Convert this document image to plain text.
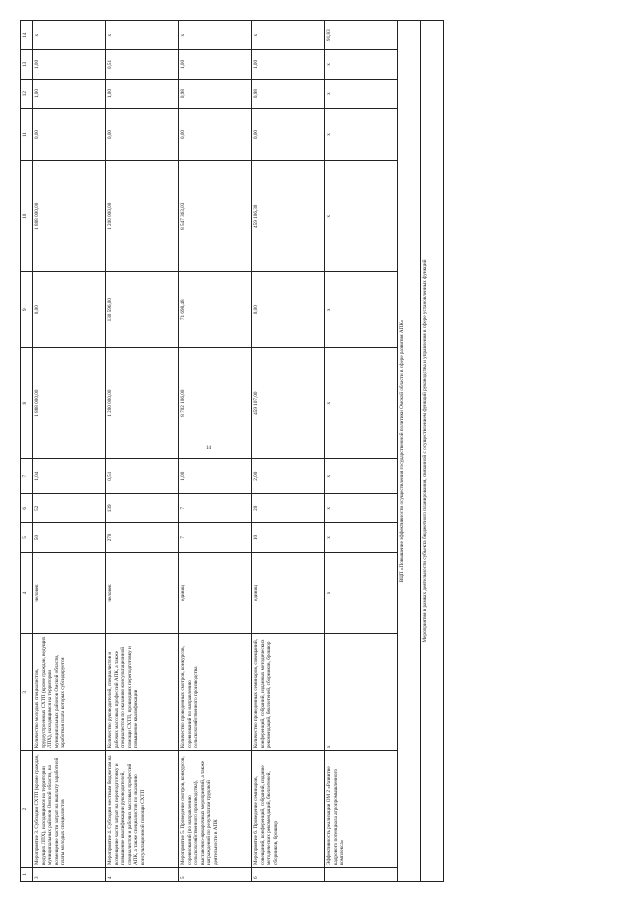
14
1	2	3	4	5	6	7	8	9	10	11	12	13	14
3	Мероприятие 3. Субсидии СХТП (кроме граждан, ведущих ЛПХ), находящимся на территории муниципальных районов Омской области, на возмещение части затрат на выплату заработной платы молодых специалистов	Количество молодых специалистов, трудоустроенных СХТП (кроме граждан, ведущих ЛПХ), находящимся на территории муниципальных районов Омской области, заработная плата которых субсидируется	человек	50	52	1,04	1 888 000,00	0,00	1 888 000,00	0,00	1,00	1,00	x
4	Мероприятие 4. Субсидии местным бюджетам на возмещение части затрат на переподготовку и повышение квалификации руководителей, специалистов и рабочих массовых профессий АПК, а также специалистов по оказанию консультационной помощи СХТП	Количество руководителей, специалистов и рабочих массовых профессий АПК, а также специалистов по оказанию консультационной помощи СХТП, прошедших переподготовку и повышение квалификации	человек	270	139	0,51	1 200 000,00	130 596,00	1 200 000,00	0,00	1,00	0,51	x
5	Мероприятие 5. Проведение смотров, конкурсов, соревнований (по направлению сельскохозяйственного производства), выставочно-ярмарочных мероприятий, а также награждений по результатам трудовой деятельности в АПК	Количество проведенных смотров, конкурсов, соревнований по направлению сельскохозяйственного производства	единиц	7	7	1,00	8 702 106,00	71 698,48	8 547 363,03	0,00	0,98	1,00	x
6	Мероприятие 6. Проведение семинаров, совещаний, конференций, собраний, издание методических рекомендаций, бюллетеней, сборников, брошюр	Количество проведенных семинаров, совещаний, конференций, собраний, изданных методических рекомендаций, бюллетеней, сборников, брошюр	единиц	10	20	2,00	459 107,00	0,00	459 106,30	0,00	0,98	1,00	x
	Эффективность реализации ОМ 2 «Развитие кадрового потенциала агропромышленного комплекса»	x	x	x	x	x	x	x	x	x	x	x	91,83
ВЦП «Повышение эффективности осуществления государственной политики Омской области в сфере развития АПК»													
Мероприятия в рамках деятельности субъекта бюджетного планирования, связанной с осуществлением функций руководства и управления в сфере установленных функций													
